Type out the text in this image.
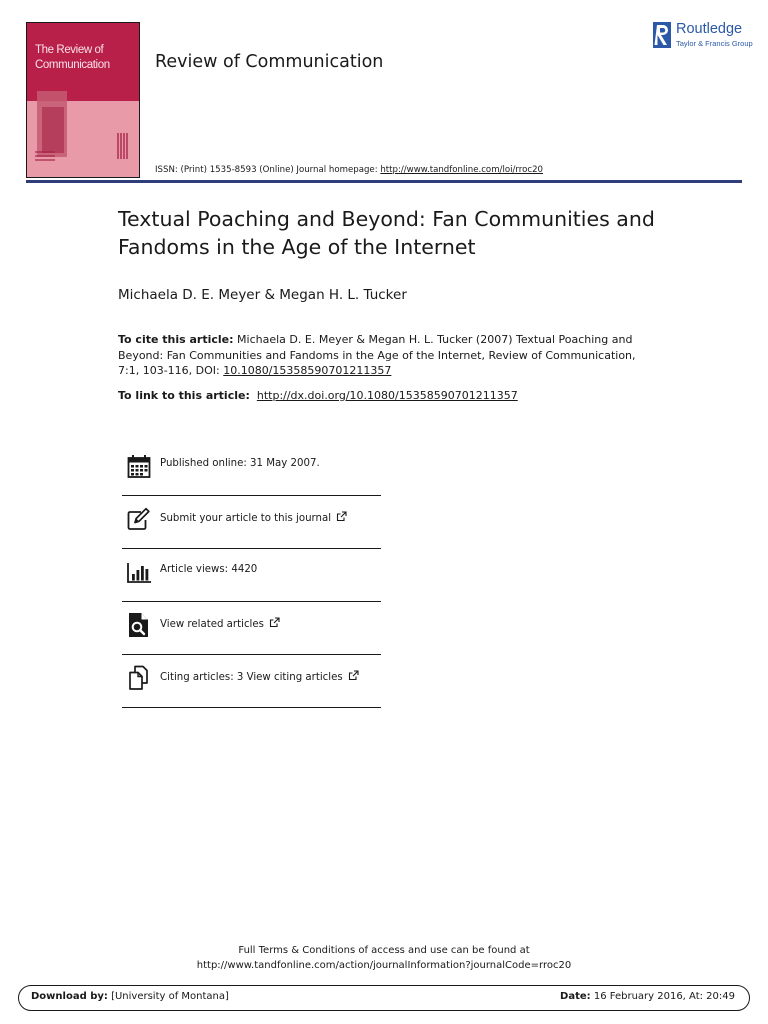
The Review of
Communication	Review of Communication
Routledge
Taylor & Francis Group
ISSN: (Print) 1535-8593 (Online) Journal homepage: http://www.tandfonline.com/loi/rroc20
Textual Poaching and Beyond: Fan Communities and Fandoms in the Age of the Internet
Michaela D. E. Meyer & Megan H. L. Tucker
To cite this article: Michaela D. E. Meyer & Megan H. L. Tucker (2007) Textual Poaching and Beyond: Fan Communities and Fandoms in the Age of the Internet, Review of Communication, 7:1, 103-116, DOI: 10.1080/15358590701211357
To link to this article: http://dx.doi.org/10.1080/15358590701211357
Published online: 31 May 2007.
Submit your article to this journal
Article views: 4420
View related articles
Citing articles: 3 View citing articles
Full Terms & Conditions of access and use can be found at
http://www.tandfonline.com/action/journalInformation?journalCode=rroc20
Download by: [University of Montana]	Date: 16 February 2016, At: 20:49
